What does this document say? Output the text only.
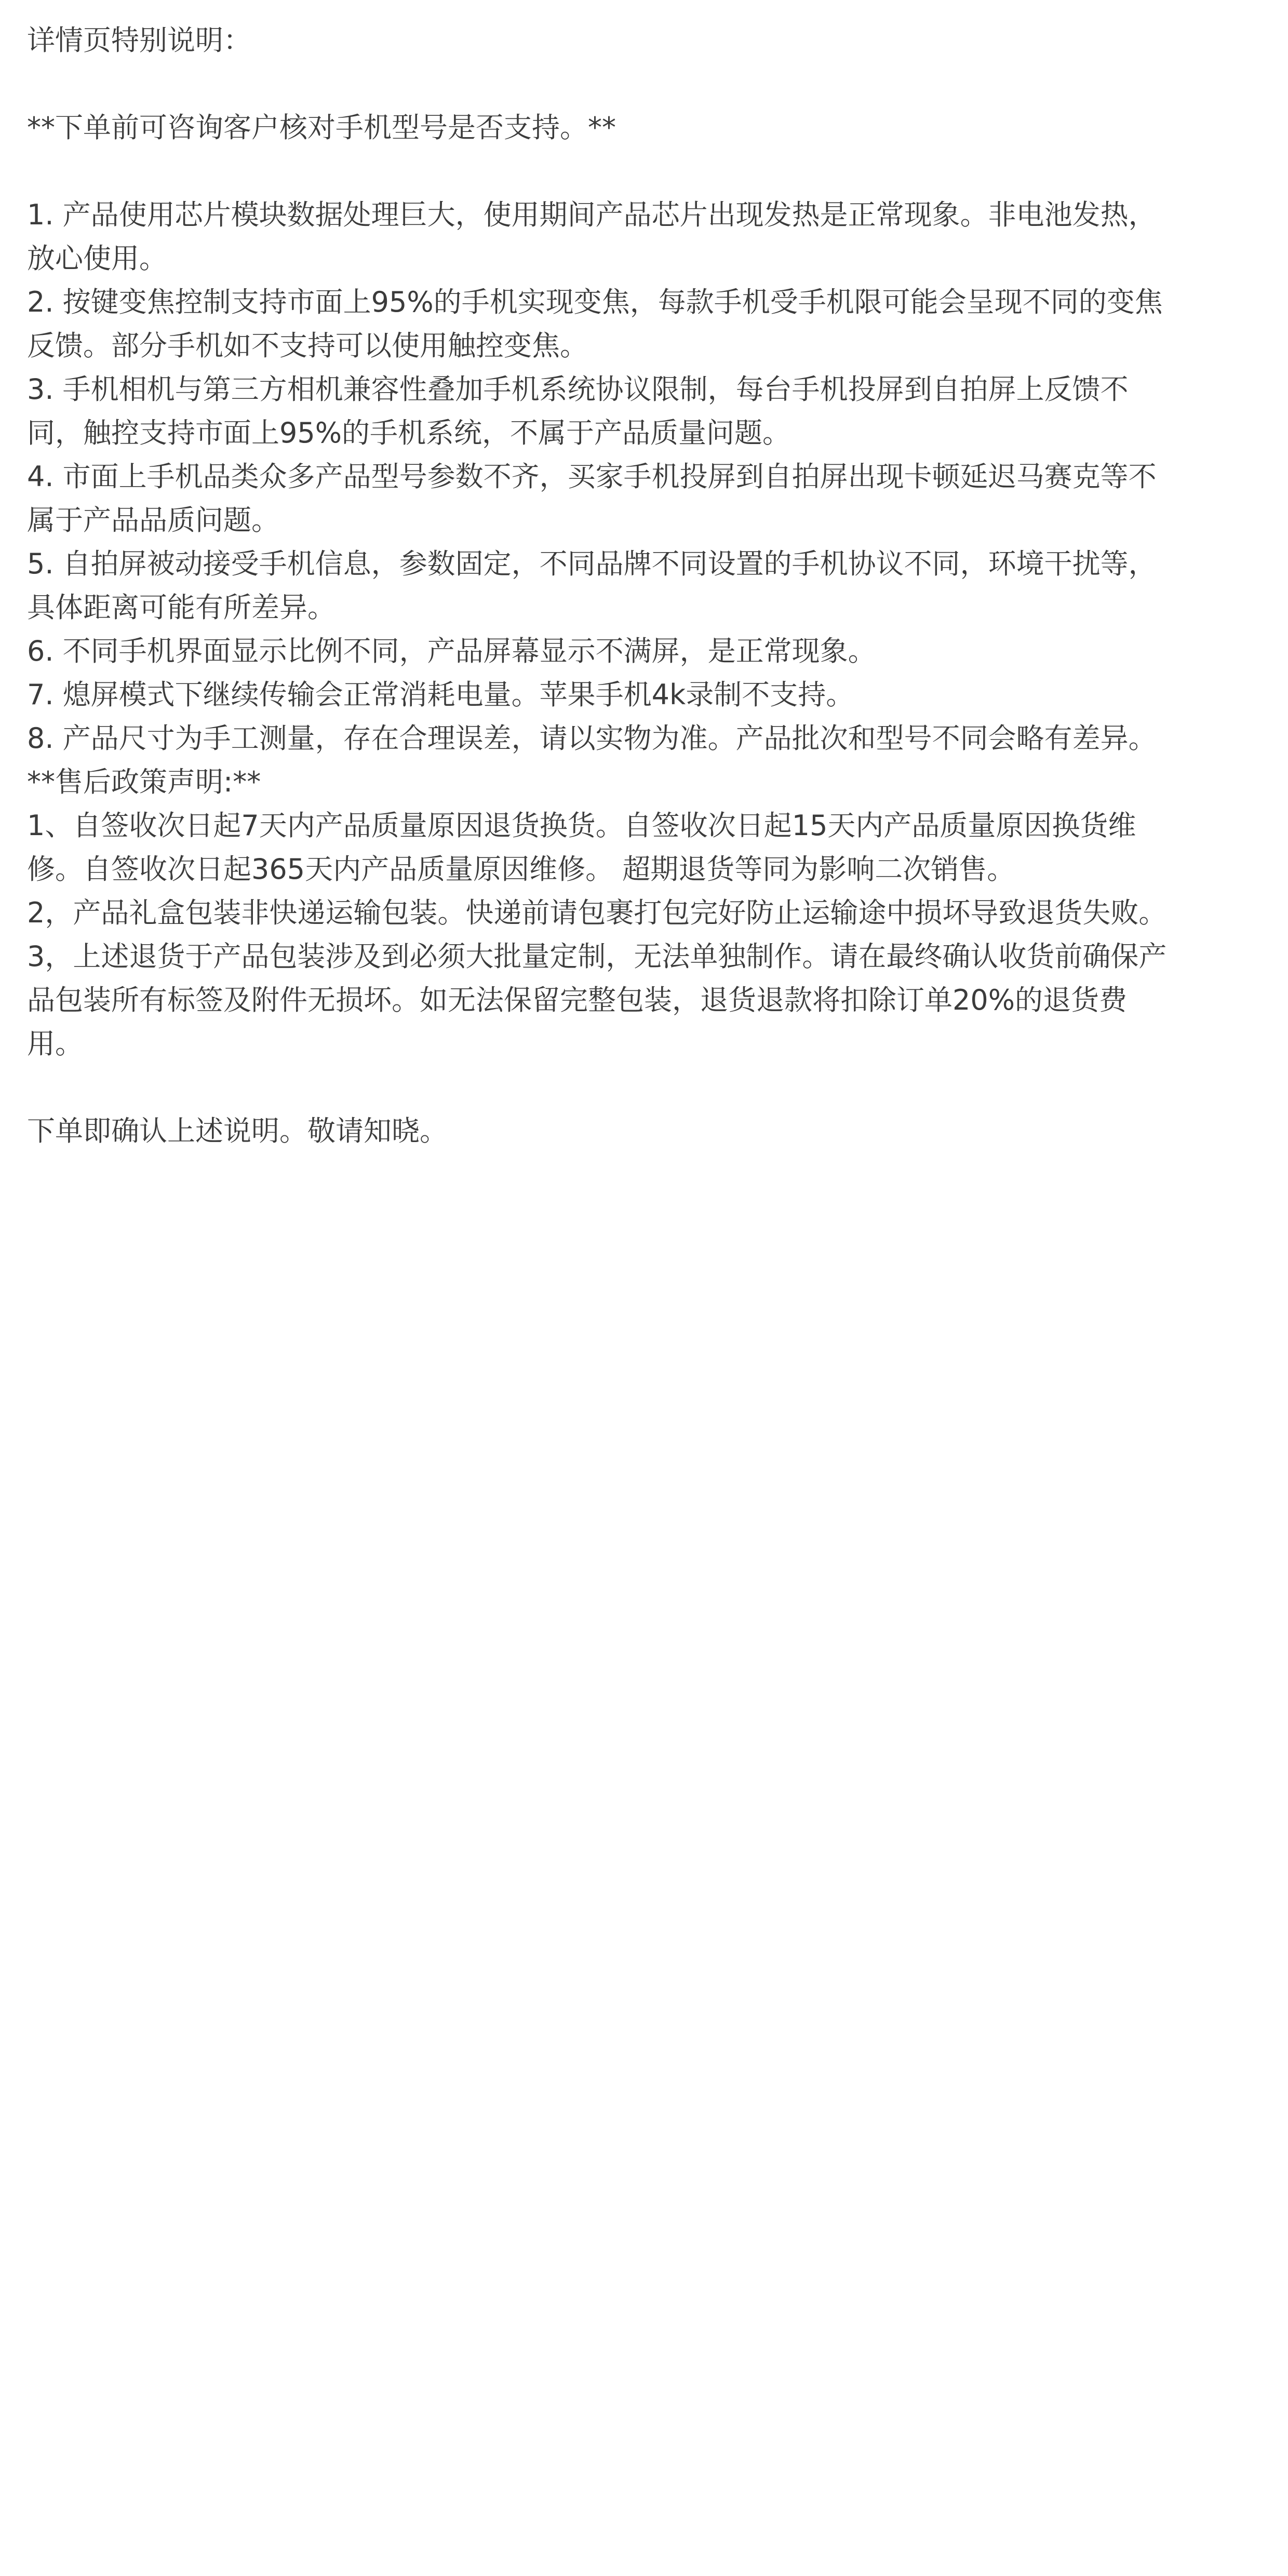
详情页特别说明：
**下单前可咨询客户核对手机型号是否支持。**
1. 产品使用芯片模块数据处理巨大，使用期间产品芯片出现发热是正常现象。非电池发热，
放心使用。
2. 按键变焦控制支持市面上95%的手机实现变焦，每款手机受手机限可能会呈现不同的变焦
反馈。部分手机如不支持可以使用触控变焦。
3. 手机相机与第三方相机兼容性叠加手机系统协议限制，每台手机投屏到自拍屏上反馈不
同，触控支持市面上95%的手机系统，不属于产品质量问题。
4. 市面上手机品类众多产品型号参数不齐，买家手机投屏到自拍屏出现卡顿延迟马赛克等不
属于产品品质问题。
5. 自拍屏被动接受手机信息，参数固定，不同品牌不同设置的手机协议不同，环境干扰等，
具体距离可能有所差异。
6. 不同手机界面显示比例不同，产品屏幕显示不满屏，是正常现象。
7. 熄屏模式下继续传输会正常消耗电量。苹果手机4k录制不支持。
8. 产品尺寸为手工测量，存在合理误差，请以实物为准。产品批次和型号不同会略有差异。
**售后政策声明:**
1、自签收次日起7天内产品质量原因退货换货。自签收次日起15天内产品质量原因换货维
修。自签收次日起365天内产品质量原因维修。 超期退货等同为影响二次销售。
2，产品礼盒包装非快递运输包装。快递前请包裹打包完好防止运输途中损坏导致退货失败。
3，上述退货于产品包装涉及到必须大批量定制，无法单独制作。请在最终确认收货前确保产
品包装所有标签及附件无损坏。如无法保留完整包装，退货退款将扣除订单20%的退货费
用。
下单即确认上述说明。敬请知晓。
